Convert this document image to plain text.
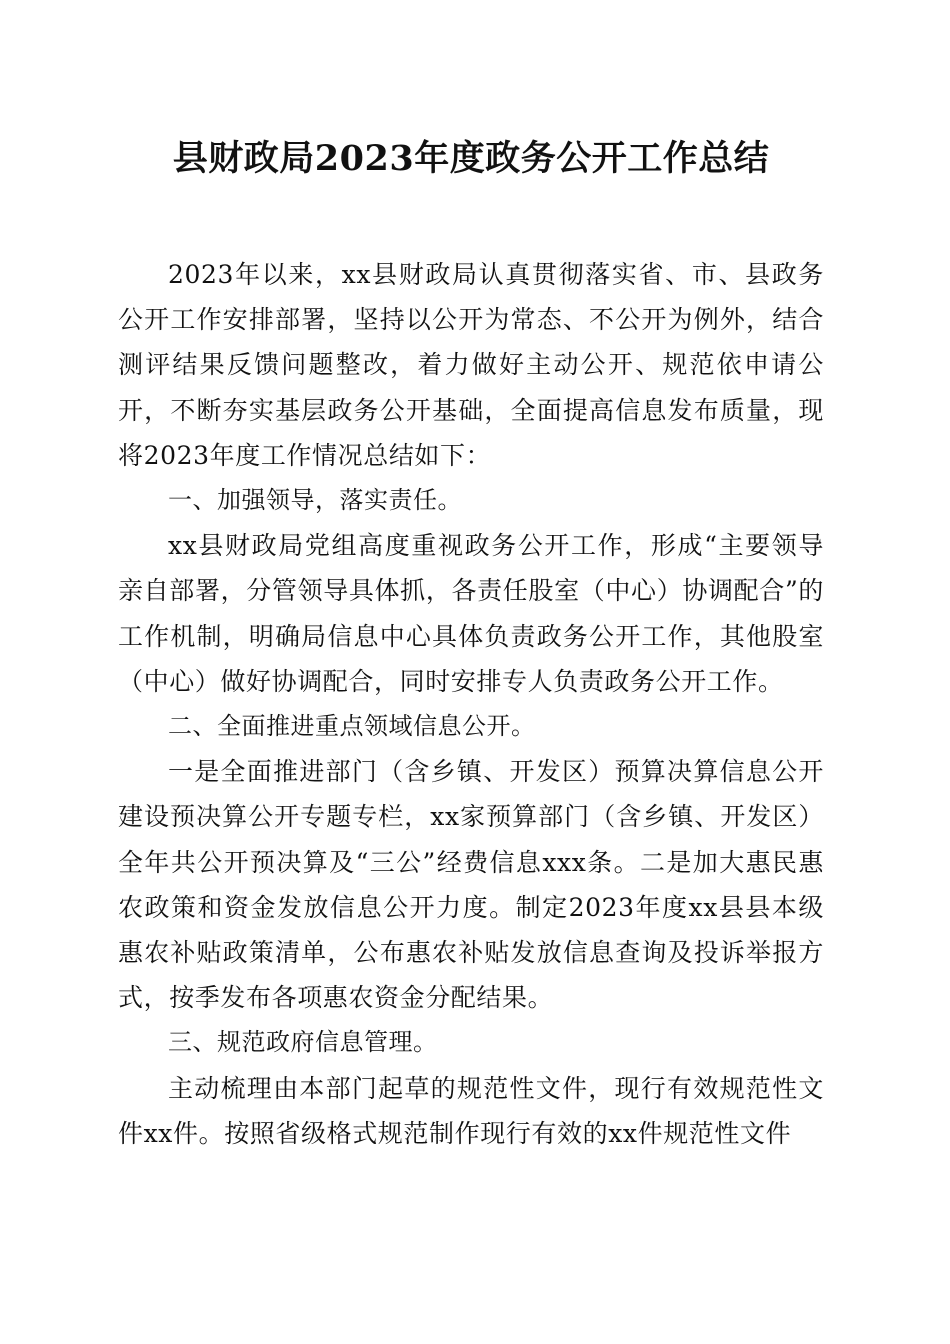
县财政局2023年度政务公开工作总结

2023年以来，xx县财政局认真贯彻落实省、市、县政务公开工作安排部署，坚持以公开为常态、不公开为例外，结合测评结果反馈问题整改，着力做好主动公开、规范依申请公开，不断夯实基层政务公开基础，全面提高信息发布质量，现将2023年度工作情况总结如下：

一、加强领导，落实责任。

xx县财政局党组高度重视政务公开工作，形成“主要领导亲自部署，分管领导具体抓，各责任股室（中心）协调配合”的工作机制，明确局信息中心具体负责政务公开工作，其他股室（中心）做好协调配合，同时安排专人负责政务公开工作。

二、全面推进重点领域信息公开。

一是全面推进部门（含乡镇、开发区）预算决算信息公开建设预决算公开专题专栏，xx家预算部门（含乡镇、开发区）全年共公开预决算及“三公”经费信息xxx条。二是加大惠民惠农政策和资金发放信息公开力度。制定2023年度xx县县本级惠农补贴政策清单，公布惠农补贴发放信息查询及投诉举报方式，按季发布各项惠农资金分配结果。

三、规范政府信息管理。

主动梳理由本部门起草的规范性文件，现行有效规范性文件xx件。按照省级格式规范制作现行有效的xx件规范性文件
